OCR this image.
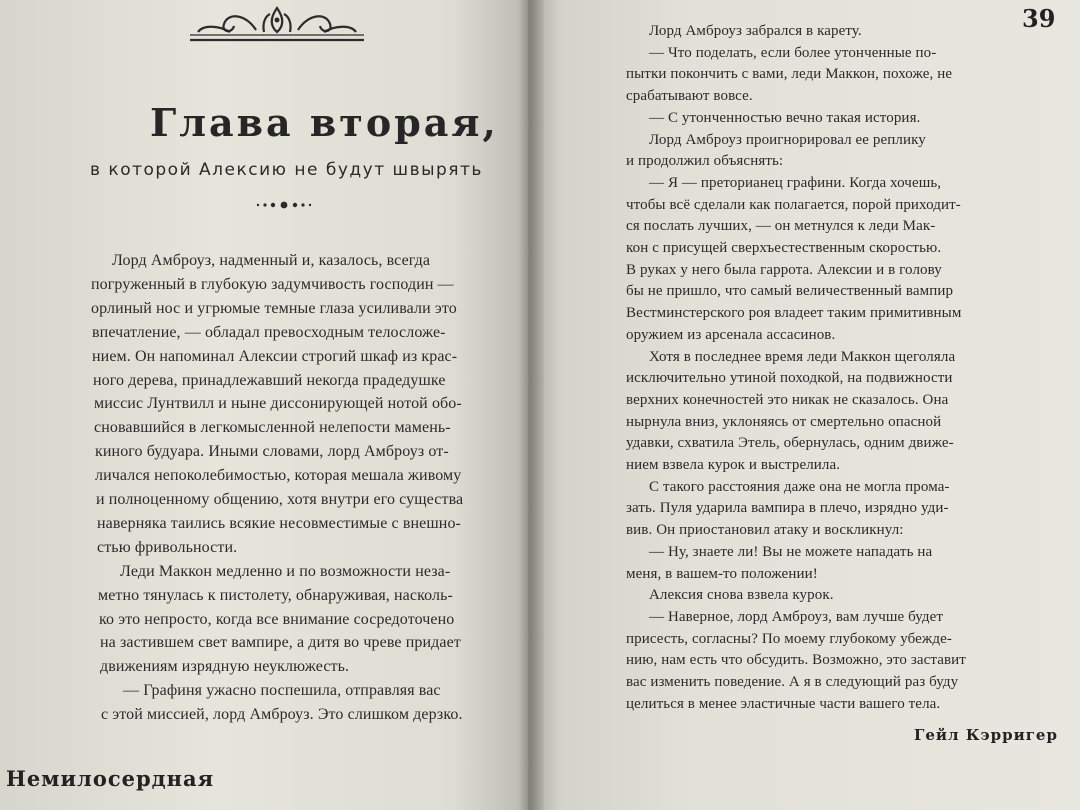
Глава вторая,
в которой Алексию не будут швырять
Лорд Амброуз, надменный и, казалось, всегда
погруженный в глубокую задумчивость господин —
орлиный нос и угрюмые темные глаза усиливали это
впечатление, — обладал превосходным телосложе-
нием. Он напоминал Алексии строгий шкаф из крас-
ного дерева, принадлежавший некогда прадедушке
миссис Лунтвилл и ныне диссонирующей нотой обо-
сновавшийся в легкомысленной нелепости мамень-
киного будуара. Иными словами, лорд Амброуз от-
личался непоколебимостью, которая мешала живому
и полноценному общению, хотя внутри его существа
наверняка таились всякие несовместимые с внешно-
стью фривольности.
Леди Маккон медленно и по возможности неза-
метно тянулась к пистолету, обнаруживая, насколь-
ко это непросто, когда все внимание сосредоточено
на застившем свет вампире, а дитя во чреве придает
движениям изрядную неуклюжесть.
— Графиня ужасно поспешила, отправляя вас
с этой миссией, лорд Амброуз. Это слишком дерзко.
Немилосердная
Лорд Амброуз забрался в карету.
— Что поделать, если более утонченные по-
пытки покончить с вами, леди Маккон, похоже, не
срабатывают вовсе.
— С утонченностью вечно такая история.
Лорд Амброуз проигнорировал ее реплику
и продолжил объяснять:
— Я — преторианец графини. Когда хочешь,
чтобы всё сделали как полагается, порой приходит-
ся послать лучших, — он метнулся к леди Мак-
кон с присущей сверхъестественным скоростью.
В руках у него была гаррота. Алексии и в голову
бы не пришло, что самый величественный вампир
Вестминстерского роя владеет таким примитивным
оружием из арсенала ассасинов.
Хотя в последнее время леди Маккон щеголяла
исключительно утиной походкой, на подвижности
верхних конечностей это никак не сказалось. Она
нырнула вниз, уклоняясь от смертельно опасной
удавки, схватила Этель, обернулась, одним движе-
нием взвела курок и выстрелила.
С такого расстояния даже она не могла прома-
зать. Пуля ударила вампира в плечо, изрядно уди-
вив. Он приостановил атаку и воскликнул:
— Ну, знаете ли! Вы не можете нападать на
меня, в вашем-то положении!
Алексия снова взвела курок.
— Наверное, лорд Амброуз, вам лучше будет
присесть, согласны? По моему глубокому убежде-
нию, нам есть что обсудить. Возможно, это заставит
вас изменить поведение. А я в следующий раз буду
целиться в менее эластичные части вашего тела.
Гейл Кэрригер
39
